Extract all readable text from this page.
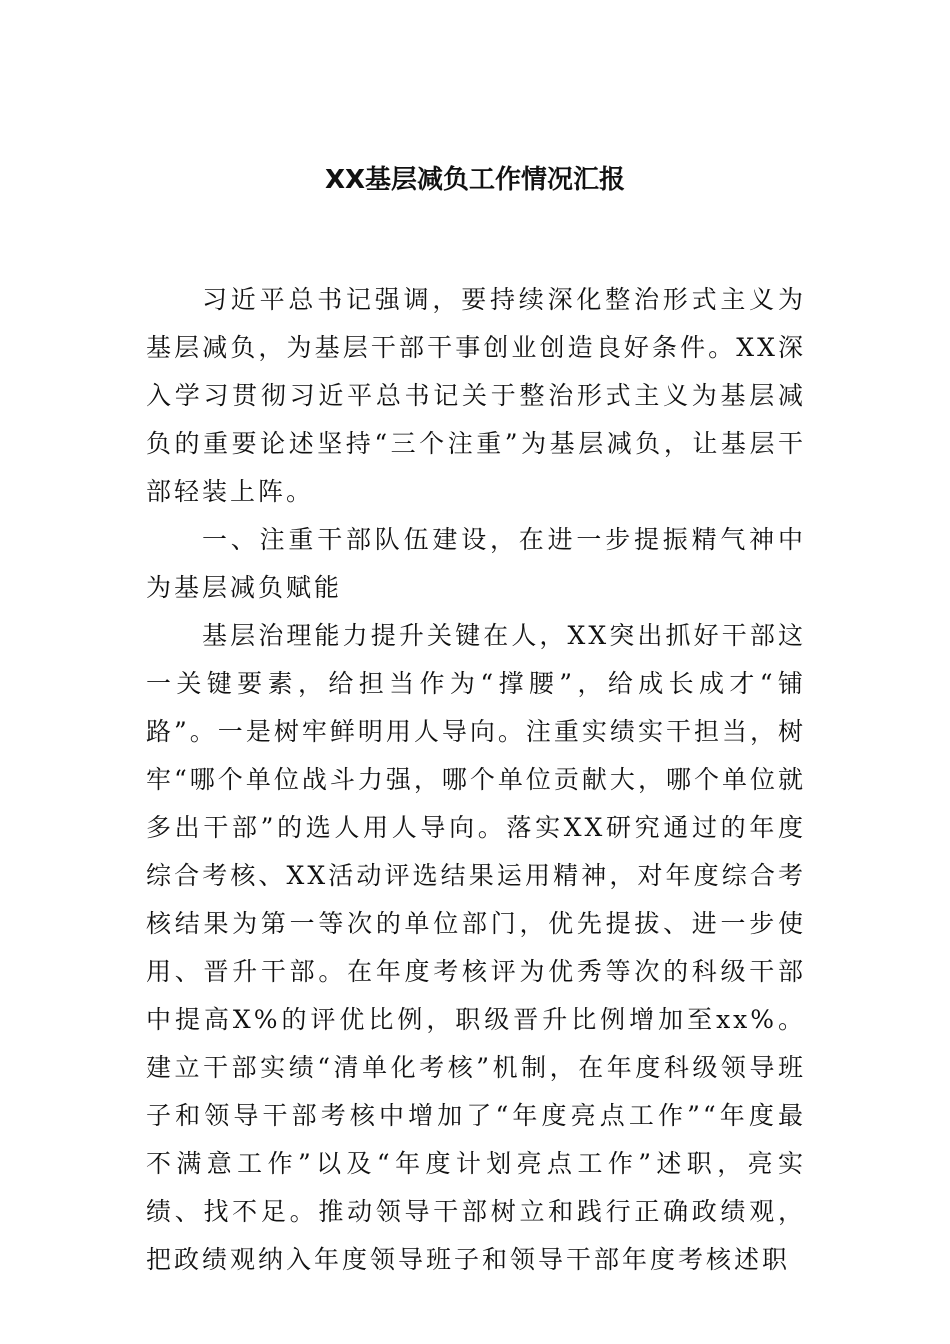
XX基层减负工作情况汇报

习近平总书记强调，要持续深化整治形式主义为基层减负，为基层干部干事创业创造良好条件。XX深入学习贯彻习近平总书记关于整治形式主义为基层减负的重要论述坚持“三个注重”为基层减负，让基层干部轻装上阵。

一、注重干部队伍建设，在进一步提振精气神中为基层减负赋能

基层治理能力提升关键在人，XX突出抓好干部这一关键要素，给担当作为“撑腰”，给成长成才“铺路”。一是树牢鲜明用人导向。注重实绩实干担当，树牢“哪个单位战斗力强，哪个单位贡献大，哪个单位就多出干部”的选人用人导向。落实XX研究通过的年度综合考核、XX活动评选结果运用精神，对年度综合考核结果为第一等次的单位部门，优先提拔、进一步使用、晋升干部。在年度考核评为优秀等次的科级干部中提高X%的评优比例，职级晋升比例增加至xx%。建立干部实绩“清单化考核”机制，在年度科级领导班子和领导干部考核中增加了“年度亮点工作”“年度最不满意工作”以及“年度计划亮点工作”述职，亮实绩、找不足。推动领导干部树立和践行正确政绩观，把政绩观纳入年度领导班子和领导干部年度考核述职
